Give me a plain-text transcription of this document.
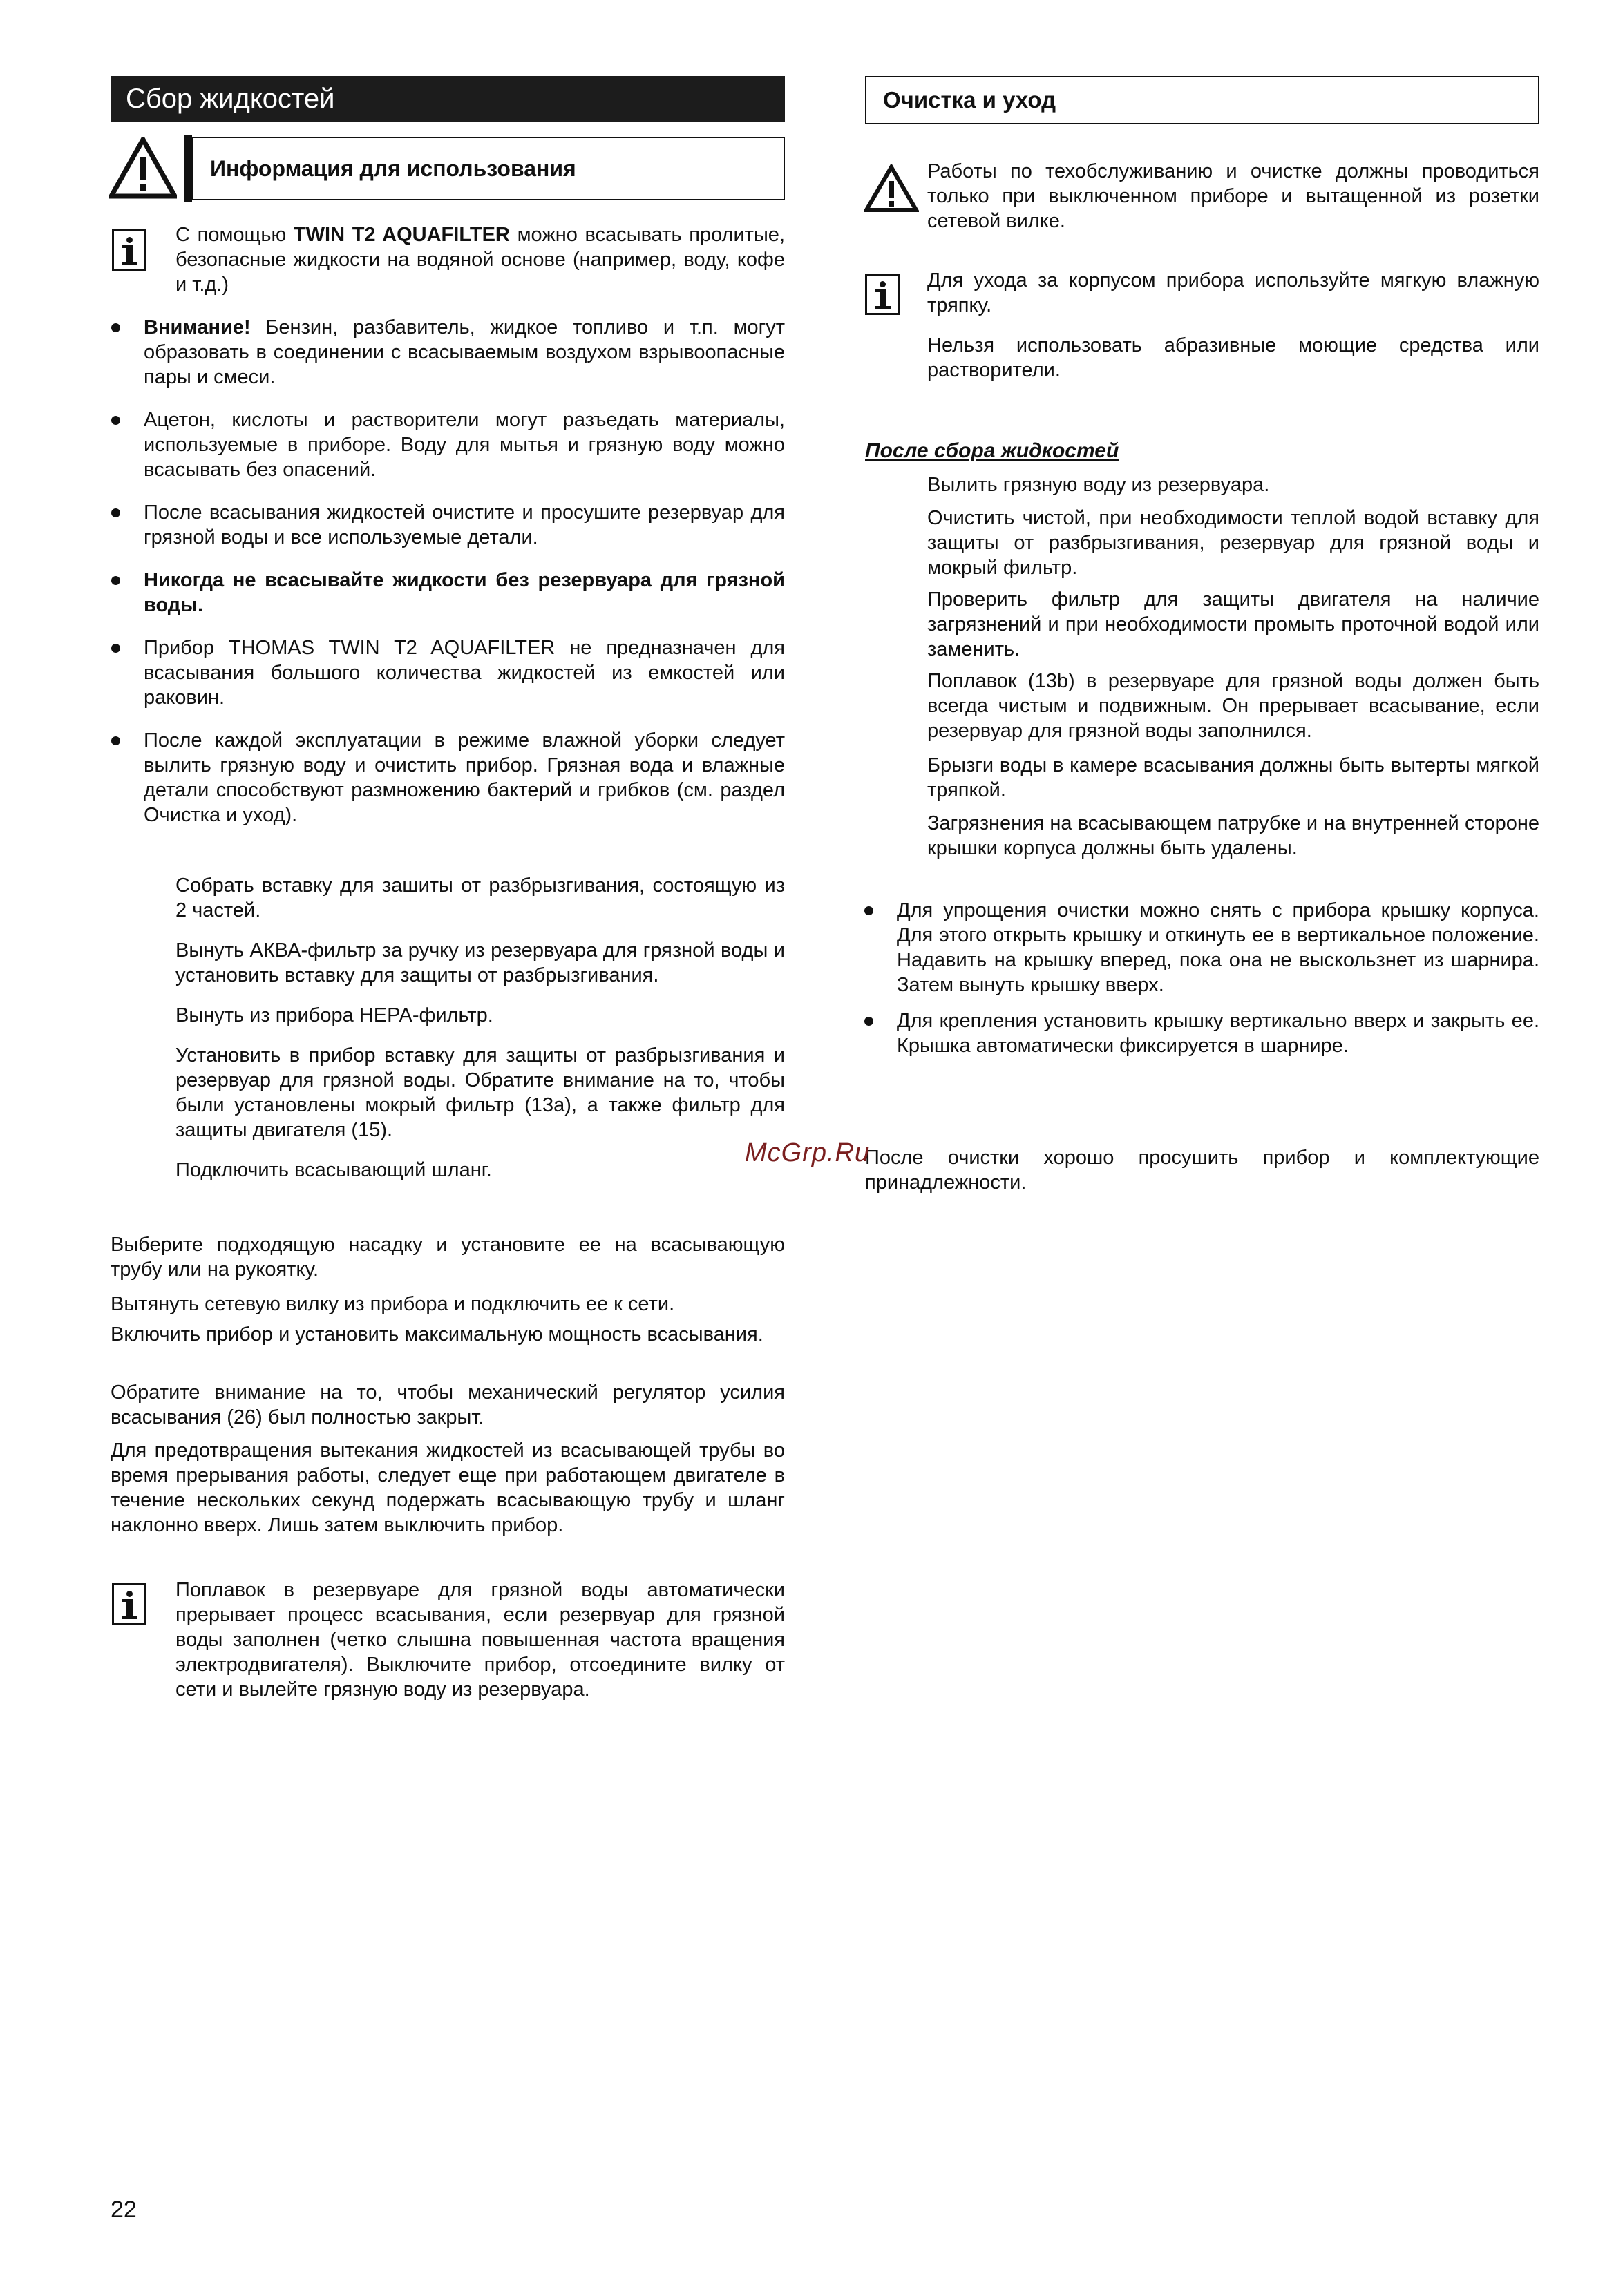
Сбор жидкостей
Информация для использования

С помощью TWIN T2 AQUAFILTER можно всасывать пролитые, безопасные жидкости на водяной основе (например, воду, кофе и т.д.)

Внимание! Бензин, разбавитель, жидкое топливо и т.п. могут образовать в соединении с всасываемым воздухом взрывоопасные пары и смеси.

Ацетон, кислоты и растворители могут разъедать материалы, используемые в приборе. Воду для мытья и грязную воду можно всасывать без опасений.

После всасывания жидкостей очистите и просушите резервуар для грязной воды и все используемые детали.

Никогда не всасывайте жидкости без резервуара для грязной воды.

Прибор THOMAS TWIN T2 AQUAFILTER не предназначен для всасывания большого количества жидкостей из емкостей или раковин.

После каждой эксплуатации в режиме влажной уборки следует вылить грязную воду и очистить прибор. Грязная вода и влажные детали способствуют размножению бактерий и грибков (см. раздел Очистка и уход).

Собрать вставку для зашиты от разбрызгивания, состоящую из 2 частей.

Вынуть АКВА-фильтр за ручку из резервуара для грязной воды и установить вставку для защиты от разбрызгивания.

Вынуть из прибора НЕРА-фильтр.

Установить в прибор вставку для защиты от разбрызгивания и резервуар для грязной воды. Обратите внимание на то, чтобы были установлены мокрый фильтр (13а), а также фильтр для защиты двигателя (15).

Подключить всасывающий шланг.

Выберите подходящую насадку и установите ее на всасывающую трубу или на рукоятку.

Вытянуть сетевую вилку из прибора и подключить ее к сети.

Включить прибор и установить максимальную мощность всасывания.

Обратите внимание на то, чтобы механический регулятор усилия всасывания (26) был полностью закрыт.

Для предотвращения вытекания жидкостей из всасывающей трубы во время прерывания работы, следует еще при работающем двигателе в течение нескольких секунд подержать всасывающую трубу и шланг наклонно вверх. Лишь затем выключить прибор.

Поплавок в резервуаре для грязной воды автоматически прерывает процесс всасывания, если резервуар для грязной воды заполнен (четко слышна повышенная частота вращения электродвигателя). Выключите прибор, отсоедините вилку от сети и вылейте грязную воду из резервуара.

Очистка и уход

Работы по техобслуживанию и очистке должны проводиться только при выключенном приборе и вытащенной из розетки сетевой вилке.

Для ухода за корпусом прибора используйте мягкую влажную тряпку.

Нельзя использовать абразивные моющие средства или растворители.

После сбора жидкостей

Вылить грязную воду из резервуара.

Очистить чистой, при необходимости теплой водой вставку для защиты от разбрызгивания, резервуар для грязной воды и мокрый фильтр.

Проверить фильтр для защиты двигателя на наличие загрязнений и при необходимости промыть проточной водой или заменить.

Поплавок (13b) в резервуаре для грязной воды должен быть всегда чистым и подвижным. Он прерывает всасывание, если резервуар для грязной воды заполнился.

Брызги воды в камере всасывания должны быть вытерты мягкой тряпкой.

Загрязнения на всасывающем патрубке и на внутренней стороне крышки корпуса должны быть удалены.

Для упрощения очистки можно снять с прибора крышку корпуса. Для этого открыть крышку и откинуть ее в вертикальное положение. Надавить на крышку вперед, пока она не выскользнет из шарнира. Затем вынуть крышку вверх.

Для крепления установить крышку вертикально вверх и закрыть ее. Крышка автоматически фиксируется в шарнире.

После очистки хорошо просушить прибор и комплектующие принадлежности.

McGrp.Ru
22
